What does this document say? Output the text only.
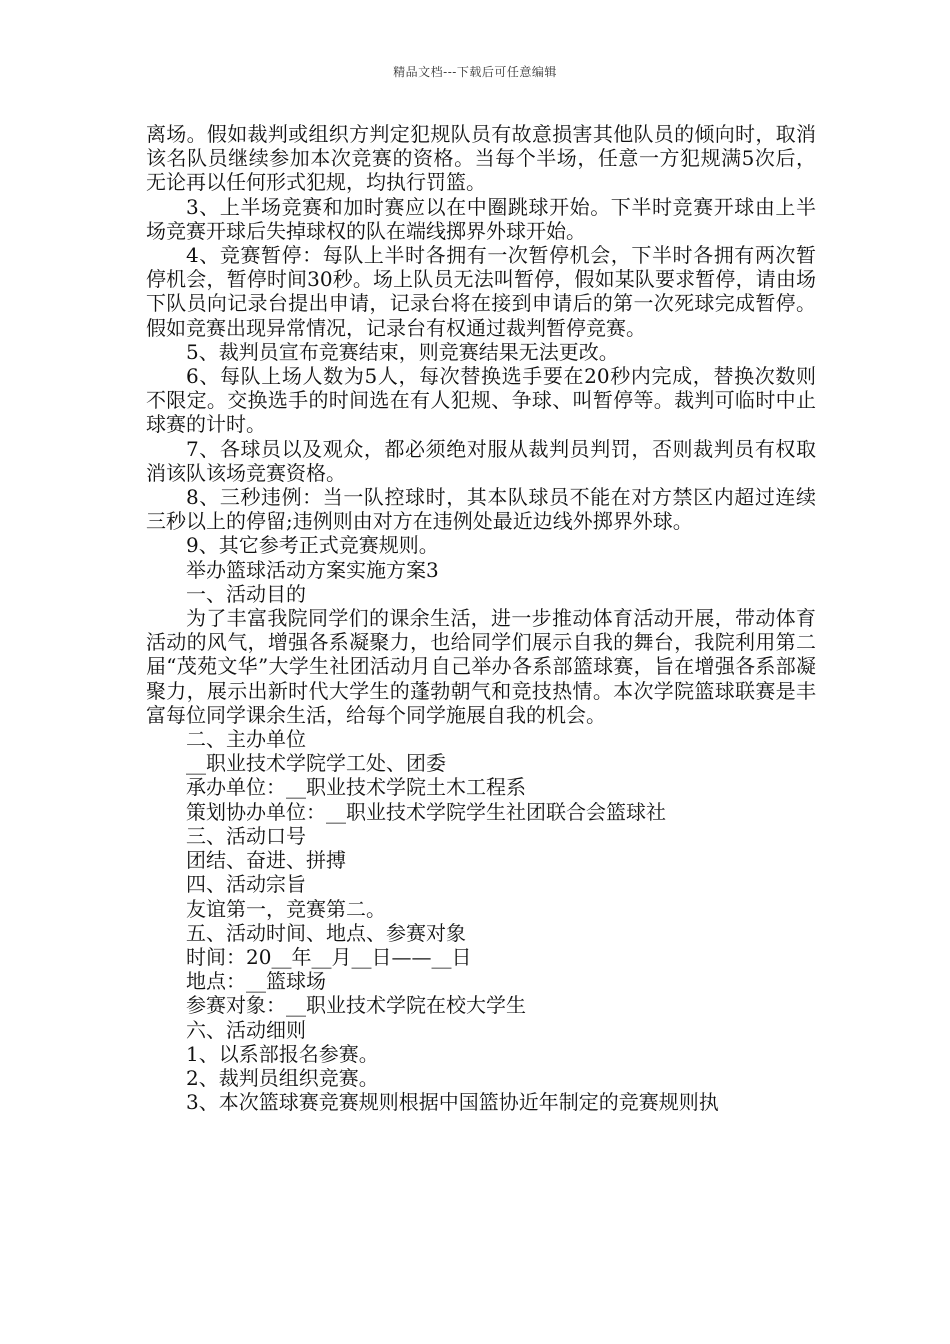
精品文档---下载后可任意编辑

离场。假如裁判或组织方判定犯规队员有故意损害其他队员的倾向时，取消该名队员继续参加本次竞赛的资格。当每个半场，任意一方犯规满5次后，无论再以任何形式犯规，均执行罚篮。

3、上半场竞赛和加时赛应以在中圈跳球开始。下半时竞赛开球由上半场竞赛开球后失掉球权的队在端线掷界外球开始。

4、竞赛暂停：每队上半时各拥有一次暂停机会，下半时各拥有两次暂停机会，暂停时间30秒。场上队员无法叫暂停，假如某队要求暂停，请由场下队员向记录台提出申请，记录台将在接到申请后的第一次死球完成暂停。假如竞赛出现异常情况，记录台有权通过裁判暂停竞赛。

5、裁判员宣布竞赛结束，则竞赛结果无法更改。

6、每队上场人数为5人，每次替换选手要在20秒内完成，替换次数则不限定。交换选手的时间选在有人犯规、争球、叫暂停等。裁判可临时中止球赛的计时。

7、各球员以及观众，都必须绝对服从裁判员判罚，否则裁判员有权取消该队该场竞赛资格。

8、三秒违例：当一队控球时，其本队球员不能在对方禁区内超过连续三秒以上的停留;违例则由对方在违例处最近边线外掷界外球。

9、其它参考正式竞赛规则。

举办篮球活动方案实施方案3

一、活动目的

为了丰富我院同学们的课余生活，进一步推动体育活动开展，带动体育活动的风气，增强各系凝聚力，也给同学们展示自我的舞台，我院利用第二届“茂苑文华”大学生社团活动月自己举办各系部篮球赛，旨在增强各系部凝聚力，展示出新时代大学生的蓬勃朝气和竞技热情。本次学院篮球联赛是丰富每位同学课余生活，给每个同学施展自我的机会。

二、主办单位

__职业技术学院学工处、团委

承办单位：__职业技术学院土木工程系

策划协办单位：__职业技术学院学生社团联合会篮球社

三、活动口号

团结、奋进、拼搏

四、活动宗旨

友谊第一，竞赛第二。

五、活动时间、地点、参赛对象

时间：20__年__月__日——__日

地点：__篮球场

参赛对象：__职业技术学院在校大学生

六、活动细则

1、以系部报名参赛。

2、裁判员组织竞赛。

3、本次篮球赛竞赛规则根据中国篮协近年制定的竞赛规则执
